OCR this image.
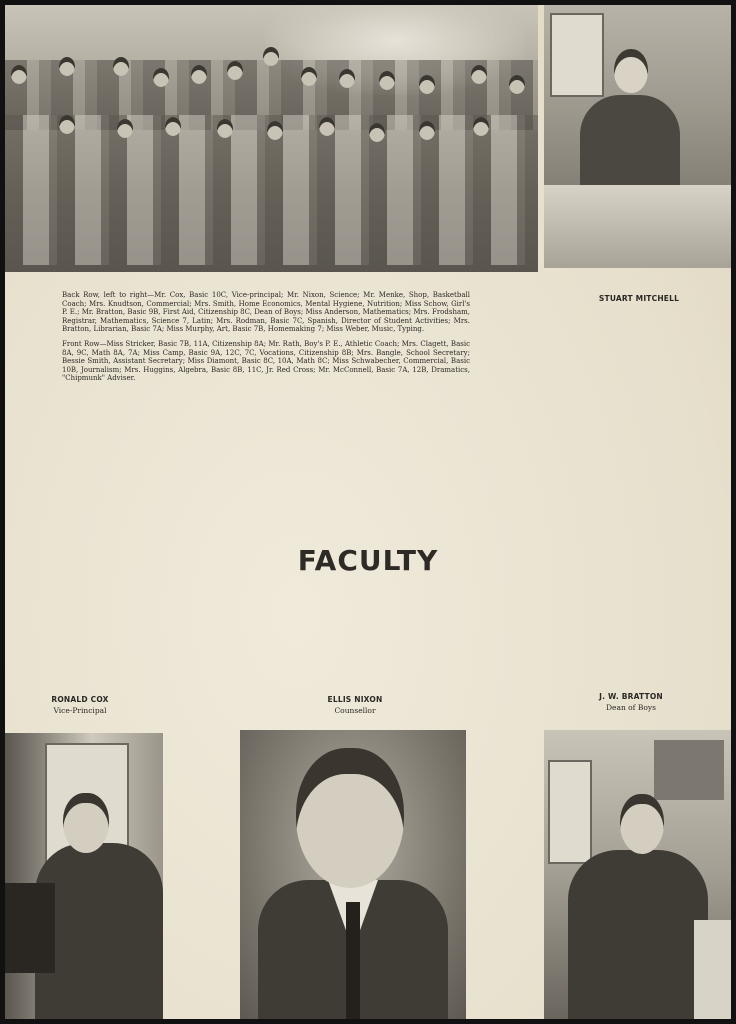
Back Row, left to right—Mr. Cox, Basic 10C, Vice-principal; Mr. Nixon, Science; Mr. Menke, Shop, Basketball Coach; Mrs. Knudtson, Commercial; Mrs. Smith, Home Economics, Mental Hygiene, Nutrition; Miss Schow, Girl's P. E.; Mr. Bratton, Basic 9B, First Aid, Citizenship 8C, Dean of Boys; Miss Anderson, Mathematics; Mrs. Frodsham, Registrar, Mathematics, Science 7, Latin; Mrs. Rodman, Basic 7C, Spanish, Director of Student Activities; Mrs. Bratton, Librarian, Basic 7A; Miss Murphy, Art, Basic 7B, Homemaking 7; Miss Weber, Music, Typing.

Front Row—Miss Stricker, Basic 7B, 11A, Citizenship 8A; Mr. Rath, Boy's P. E., Athletic Coach; Mrs. Clagett, Basic 8A, 9C, Math 8A, 7A; Miss Camp, Basic 9A, 12C, 7C, Vocations, Citizenship 8B; Mrs. Bangle, School Secretary; Bessie Smith, Assistant Secretary; Miss Diamont, Basic 8C, 10A, Math 8C; Miss Schwabecher, Commercial, Basic 10B, Journalism; Mrs. Huggins, Algebra, Basic 8B, 11C, Jr. Red Cross; Mr. McConnell, Basic 7A, 12B, Dramatics, "Chipmunk" Adviser.

STUART MITCHELL
FACULTY
RONALD COX
Vice-Principal
ELLIS NIXON
Counsellor
J. W. BRATTON
Dean of Boys
